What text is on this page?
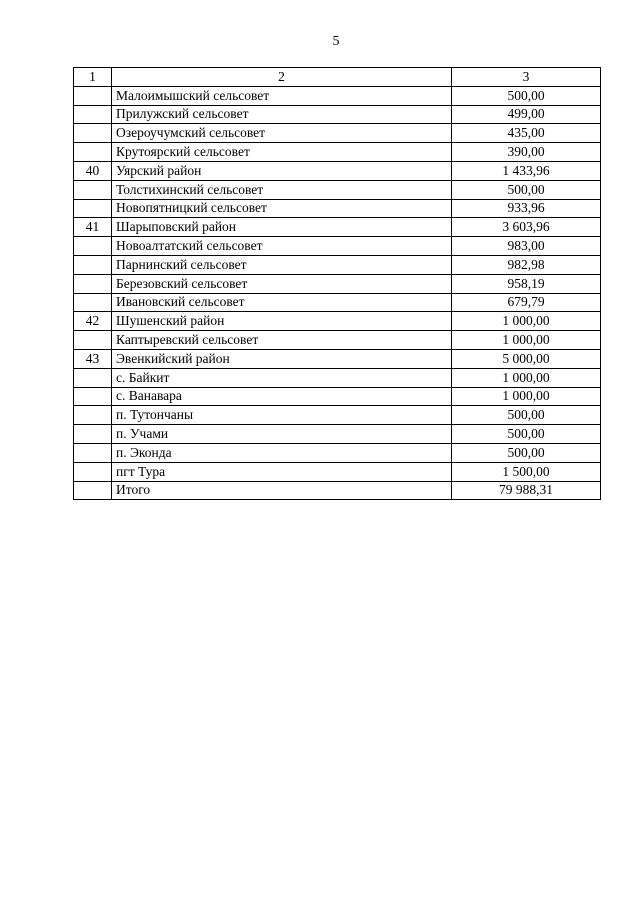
5
1	2	3
	Малоимышский сельсовет	500,00
	Прилужский сельсовет	499,00
	Озероучумский сельсовет	435,00
	Крутоярский сельсовет	390,00
40	Уярский район	1 433,96
	Толстихинский сельсовет	500,00
	Новопятницкий сельсовет	933,96
41	Шарыповский район	3 603,96
	Новоалтатский сельсовет	983,00
	Парнинский сельсовет	982,98
	Березовский сельсовет	958,19
	Ивановский сельсовет	679,79
42	Шушенский район	1 000,00
	Каптыревский сельсовет	1 000,00
43	Эвенкийский район	5 000,00
	с. Байкит	1 000,00
	с. Ванавара	1 000,00
	п. Тутончаны	500,00
	п. Учами	500,00
	п. Эконда	500,00
	пгт Тура	1 500,00
	Итого	79 988,31
